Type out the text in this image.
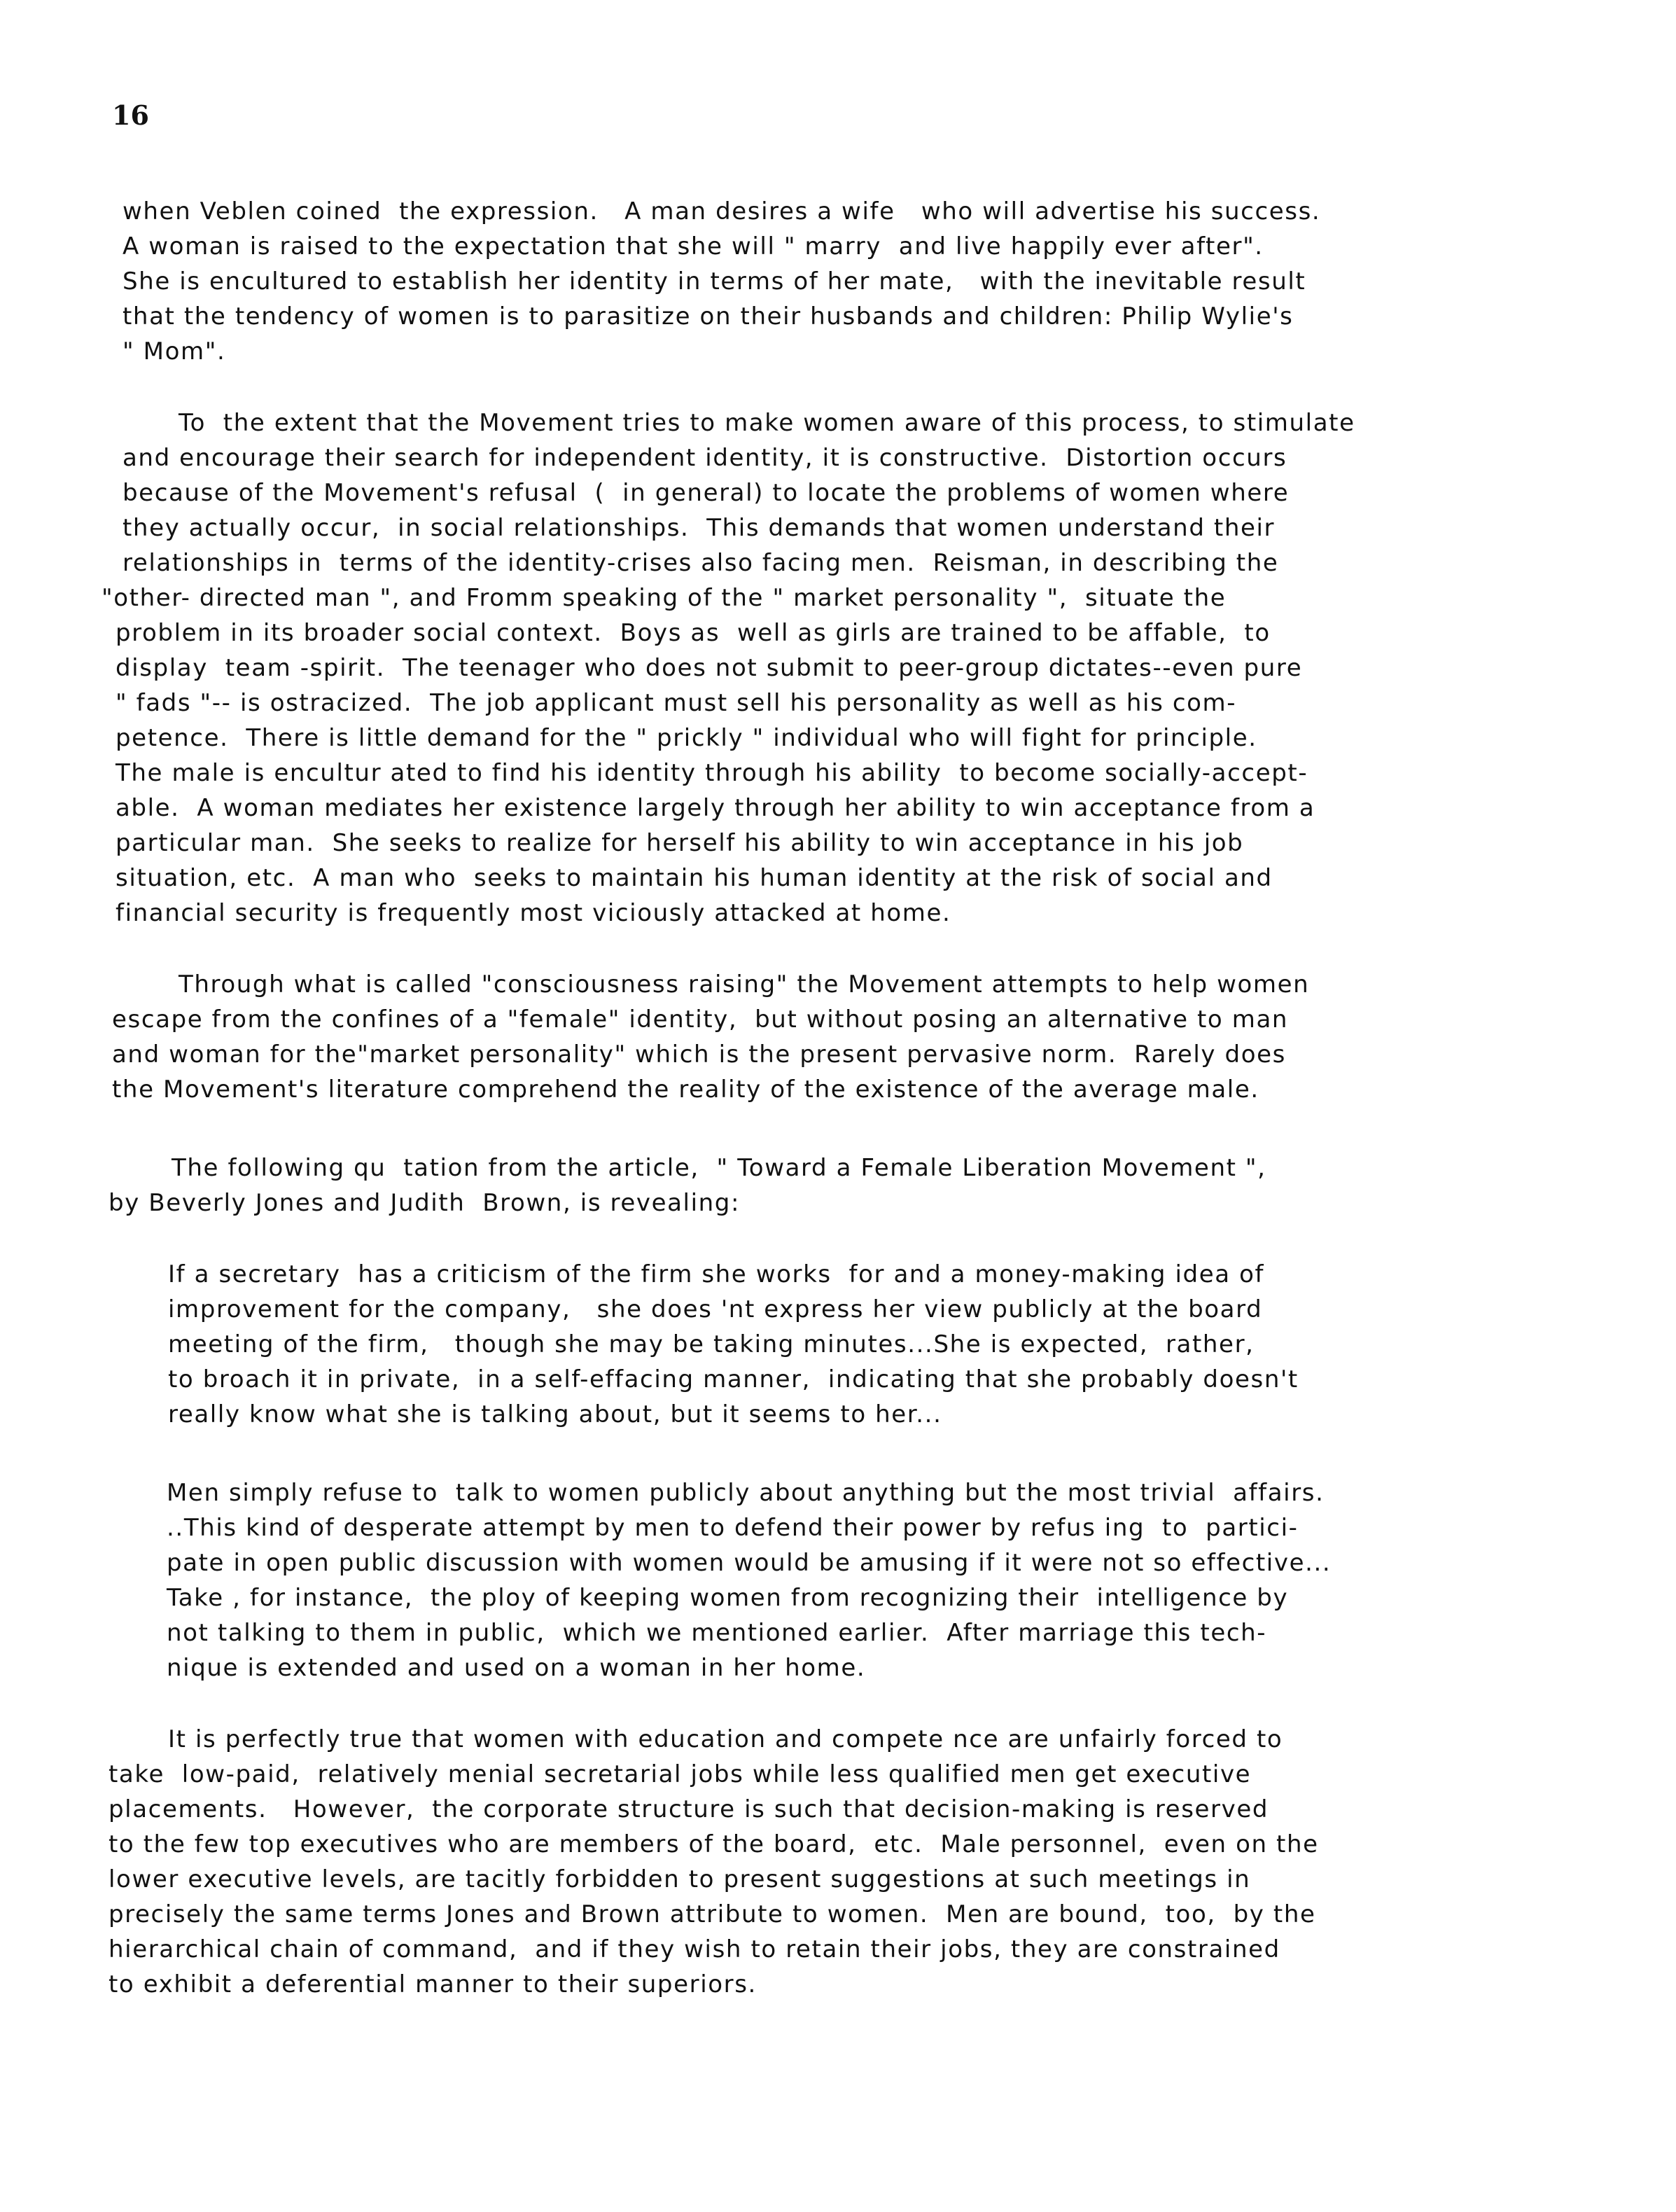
16
when Veblen coined  the expression.   A man desires a wife   who will advertise his success.
A woman is raised to the expectation that she will " marry  and live happily ever after".
She is encultured to establish her identity in terms of her mate,   with the inevitable result
that the tendency of women is to parasitize on their husbands and children: Philip Wylie's
" Mom".
To  the extent that the Movement tries to make women aware of this process, to stimulate
and encourage their search for independent identity, it is constructive.  Distortion occurs
because of the Movement's refusal  (  in general) to locate the problems of women where
they actually occur,  in social relationships.  This demands that women understand their
relationships in  terms of the identity-crises also facing men.  Reisman, in describing the
"other- directed man ", and Fromm speaking of the " market personality ",  situate the
problem in its broader social context.  Boys as  well as girls are trained to be affable,  to
display  team -spirit.  The teenager who does not submit to peer-group dictates--even pure
" fads "-- is ostracized.  The job applicant must sell his personality as well as his com-
petence.  There is little demand for the " prickly " individual who will fight for principle.
The male is encultur ated to find his identity through his ability  to become socially-accept-
able.  A woman mediates her existence largely through her ability to win acceptance from a
particular man.  She seeks to realize for herself his ability to win acceptance in his job
situation, etc.  A man who  seeks to maintain his human identity at the risk of social and
financial security is frequently most viciously attacked at home.
Through what is called "consciousness raising" the Movement attempts to help women
escape from the confines of a "female" identity,  but without posing an alternative to man
and woman for the"market personality" which is the present pervasive norm.  Rarely does
the Movement's literature comprehend the reality of the existence of the average male.
The following qu  tation from the article,  " Toward a Female Liberation Movement ",
by Beverly Jones and Judith  Brown, is revealing:
If a secretary  has a criticism of the firm she works  for and a money-making idea of
improvement for the company,   she does 'nt express her view publicly at the board
meeting of the firm,   though she may be taking minutes...She is expected,  rather,
to broach it in private,  in a self-effacing manner,  indicating that she probably doesn't
really know what she is talking about, but it seems to her...
Men simply refuse to  talk to women publicly about anything but the most trivial  affairs.
..This kind of desperate attempt by men to defend their power by refus ing  to  partici-
pate in open public discussion with women would be amusing if it were not so effective...
Take , for instance,  the ploy of keeping women from recognizing their  intelligence by
not talking to them in public,  which we mentioned earlier.  After marriage this tech-
nique is extended and used on a woman in her home.
It is perfectly true that women with education and compete nce are unfairly forced to
take  low-paid,  relatively menial secretarial jobs while less qualified men get executive
placements.   However,  the corporate structure is such that decision-making is reserved
to the few top executives who are members of the board,  etc.  Male personnel,  even on the
lower executive levels, are tacitly forbidden to present suggestions at such meetings in
precisely the same terms Jones and Brown attribute to women.  Men are bound,  too,  by the
hierarchical chain of command,  and if they wish to retain their jobs, they are constrained
to exhibit a deferential manner to their superiors.
